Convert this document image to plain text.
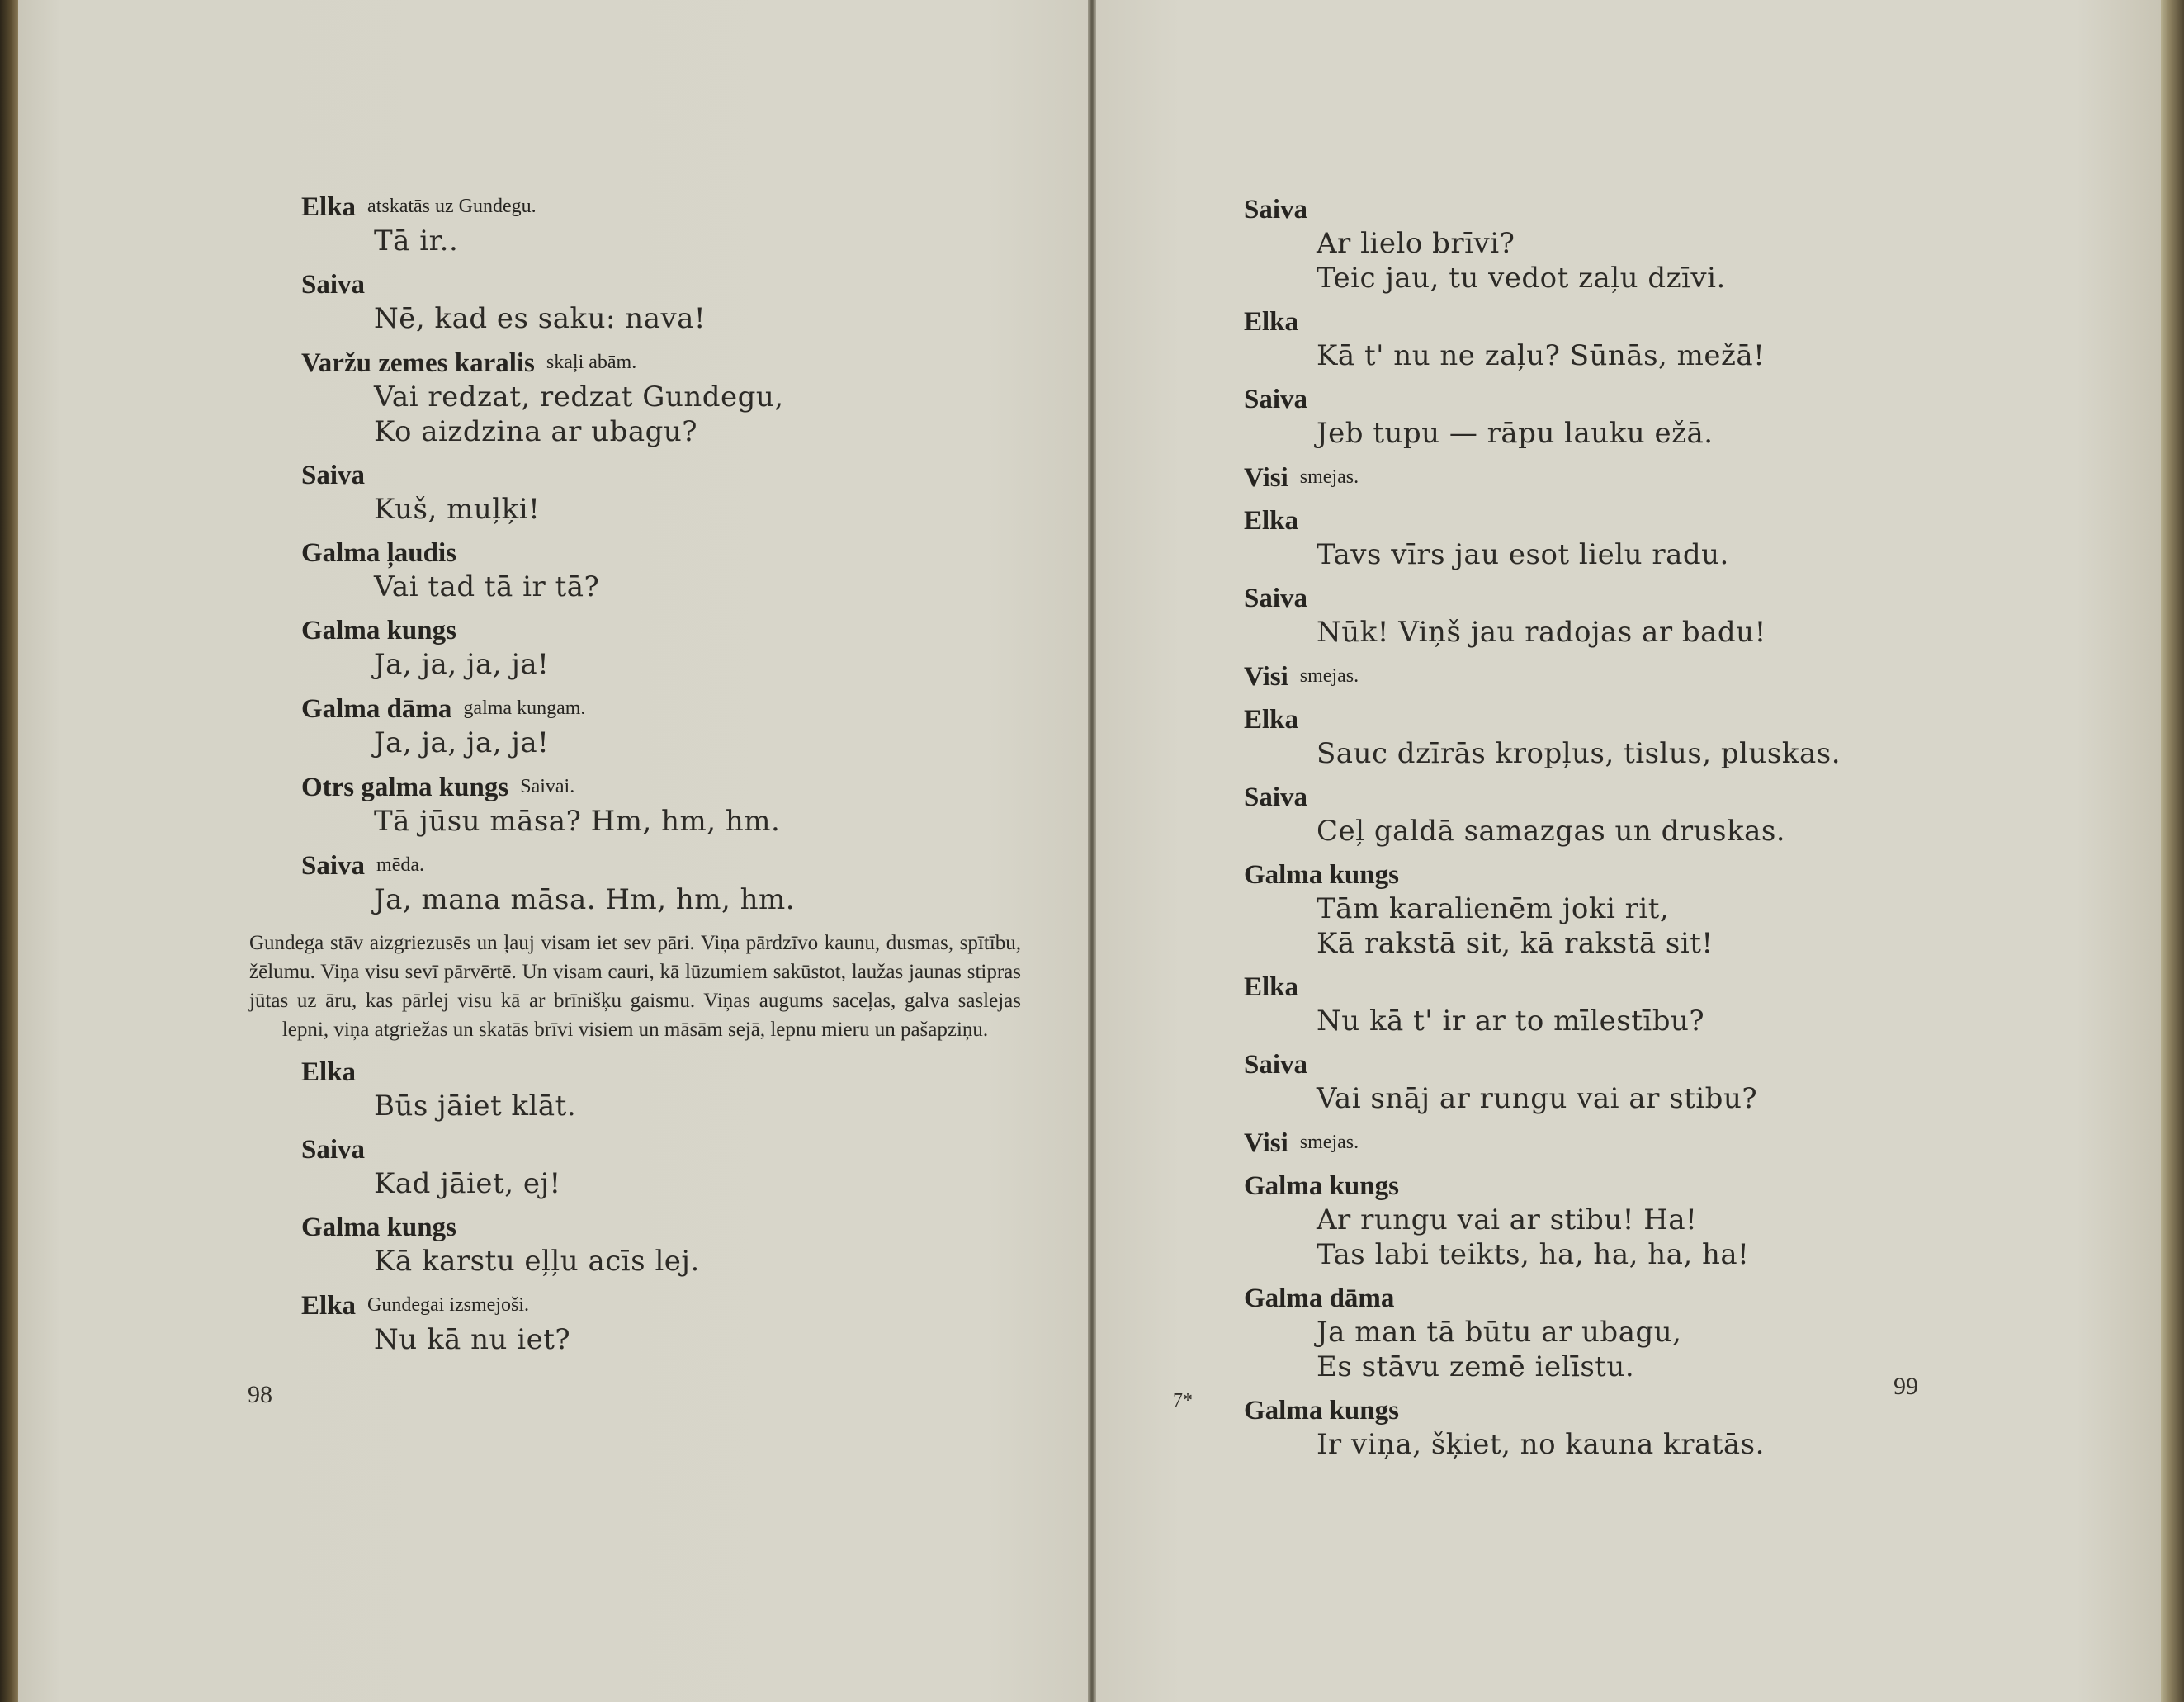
Elka atskatās uz Gundegu.
Tā ir..
Saiva
Nē, kad es saku: nava!
Varžu zemes karalis skaļi abām.
Vai redzat, redzat Gundegu,
Ko aizdzina ar ubagu?
Saiva
Kuš, muļķi!
Galma ļaudis
Vai tad tā ir tā?
Galma kungs
Ja, ja, ja, ja!
Galma dāma galma kungam.
Ja, ja, ja, ja!
Otrs galma kungs Saivai.
Tā jūsu māsa? Hm, hm, hm.
Saiva mēda.
Ja, mana māsa. Hm, hm, hm.
Gundega stāv aizgriezusēs un ļauj visam iet sev pāri. Viņa pārdzīvo kaunu, dusmas, spītību, žēlumu. Viņa visu sevī pārvērtē. Un visam cauri, kā lūzumiem sakūstot, laužas jaunas stipras jūtas uz āru, kas pārlej visu kā ar brīnišķu gaismu. Viņas augums saceļas, galva saslejas lepni, viņa atgriežas un skatās brīvi visiem un māsām sejā, lepnu mieru un pašapziņu.
Elka
Būs jāiet klāt.
Saiva
Kad jāiet, ej!
Galma kungs
Kā karstu eļļu acīs lej.
Elka Gundegai izsmejoši.
Nu kā nu iet?
Saiva
Ar lielo brīvi?
Teic jau, tu vedot zaļu dzīvi.
Elka
Kā t' nu ne zaļu? Sūnās, mežā!
Saiva
Jeb tupu — rāpu lauku ežā.
Visi smejas.
Elka
Tavs vīrs jau esot lielu radu.
Saiva
Nūk! Viņš jau radojas ar badu!
Visi smejas.
Elka
Sauc dzīrās kropļus, tislus, pluskas.
Saiva
Ceļ galdā samazgas un druskas.
Galma kungs
Tām karalienēm joki rit,
Kā rakstā sit, kā rakstā sit!
Elka
Nu kā t' ir ar to mīlestību?
Saiva
Vai snāj ar rungu vai ar stibu?
Visi smejas.
Galma kungs
Ar rungu vai ar stibu! Ha!
Tas labi teikts, ha, ha, ha, ha!
Galma dāma
Ja man tā būtu ar ubagu,
Es stāvu zemē ielīstu.
Galma kungs
Ir viņa, šķiet, no kauna kratās.
98	99
7*
